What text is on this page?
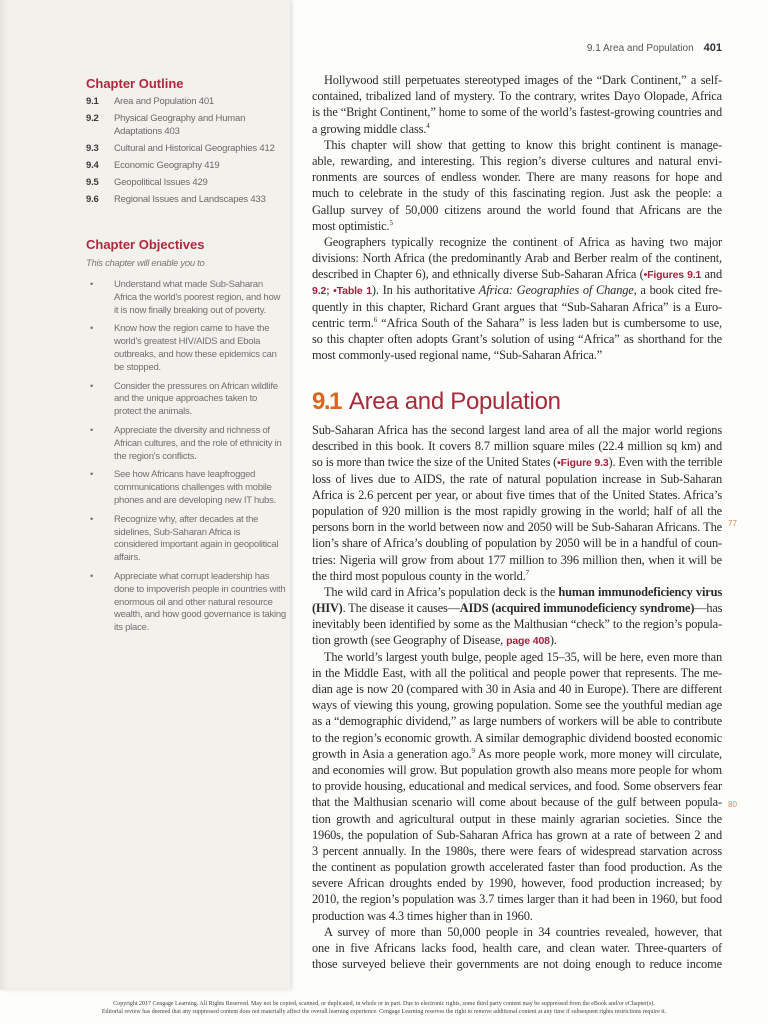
Chapter Outline
9.1	Area and Population 401
9.2	Physical Geography and Human Adaptations 403
9.3	Cultural and Historical Geographies 412
9.4	Economic Geography 419
9.5	Geopolitical Issues 429
9.6	Regional Issues and Landscapes 433
Chapter Objectives
This chapter will enable you to
•	Understand what made Sub-Saharan Africa the world's poorest region, and how it is now finally breaking out of poverty.
•	Know how the region came to have the world's greatest HIV/AIDS and Ebola outbreaks, and how these epidemics can be stopped.
•	Consider the pressures on African wildlife and the unique approaches taken to protect the animals.
•	Appreciate the diversity and richness of African cultures, and the role of ethnicity in the region's conflicts.
•	See how Africans have leapfrogged communications challenges with mobile phones and are developing new IT hubs.
•	Recognize why, after decades at the sidelines, Sub-Saharan Africa is considered important again in geopolitical affairs.
•	Appreciate what corrupt leadership has done to impoverish people in countries with enormous oil and other natural resource wealth, and how good governance is taking its place.
9.1 Area and Population 401
Hollywood still perpetuates stereotyped images of the “Dark Continent,” a self-
contained, tribalized land of mystery. To the contrary, writes Dayo Olopade, Africa
is the “Bright Continent,” home to some of the world’s fastest-growing countries and
a growing middle class.$^4$
This chapter will show that getting to know this bright continent is manage-
able, rewarding, and interesting. This region’s diverse cultures and natural envi-
ronments are sources of endless wonder. There are many reasons for hope and
much to celebrate in the study of this fascinating region. Just ask the people: a
Gallup survey of 50,000 citizens around the world found that Africans are the
most optimistic.$^5$
Geographers typically recognize the continent of Africa as having two major
divisions: North Africa (the predominantly Arab and Berber realm of the continent,
described in Chapter 6), and ethnically diverse Sub-Saharan Africa (•Figures 9.1 and
9.2; •Table 1). In his authoritative Africa: Geographies of Change, a book cited fre-
quently in this chapter, Richard Grant argues that “Sub-Saharan Africa” is a Euro-
centric term.$^6$ “Africa South of the Sahara” is less laden but is cumbersome to use,
so this chapter often adopts Grant’s solution of using “Africa” as shorthand for the
most commonly-used regional name, “Sub-Saharan Africa.”
9.1 Area and Population
Sub-Saharan Africa has the second largest land area of all the major world regions
described in this book. It covers 8.7 million square miles (22.4 million sq km) and
so is more than twice the size of the United States (•Figure 9.3). Even with the terrible
loss of lives due to AIDS, the rate of natural population increase in Sub-Saharan
Africa is 2.6 percent per year, or about five times that of the United States. Africa’s
population of 920 million is the most rapidly growing in the world; half of all the
persons born in the world between now and 2050 will be Sub-Saharan Africans. The
lion’s share of Africa’s doubling of population by 2050 will be in a handful of coun-
tries: Nigeria will grow from about 177 million to 396 million then, when it will be
the third most populous county in the world.$^7$
The wild card in Africa’s population deck is the human immunodeficiency virus
(HIV). The disease it causes—AIDS (acquired immunodeficiency syndrome)—has
inevitably been identified by some as the Malthusian “check” to the region’s popula-
tion growth (see Geography of Disease, page 408).
The world’s largest youth bulge, people aged 15–35, will be here, even more than
in the Middle East, with all the political and people power that represents. The me-
dian age is now 20 (compared with 30 in Asia and 40 in Europe). There are different
ways of viewing this young, growing population. Some see the youthful median age
as a “demographic dividend,” as large numbers of workers will be able to contribute
to the region’s economic growth. A similar demographic dividend boosted economic
growth in Asia a generation ago.$^9$ As more people work, more money will circulate,
and economies will grow. But population growth also means more people for whom
to provide housing, educational and medical services, and food. Some observers fear
that the Malthusian scenario will come about because of the gulf between popula-
tion growth and agricultural output in these mainly agrarian societies. Since the
1960s, the population of Sub-Saharan Africa has grown at a rate of between 2 and
3 percent annually. In the 1980s, there were fears of widespread starvation across
the continent as population growth accelerated faster than food production. As the
severe African droughts ended by 1990, however, food production increased; by
2010, the region’s population was 3.7 times larger than it had been in 1960, but food
production was 4.3 times higher than in 1960.
A survey of more than 50,000 people in 34 countries revealed, however, that
one in five Africans lacks food, health care, and clean water. Three-quarters of
those surveyed believe their governments are not doing enough to reduce income
77
80
Copyright 2017 Cengage Learning. All Rights Reserved. May not be copied, scanned, or duplicated, in whole or in part. Due to electronic rights, some third party content may be suppressed from the eBook and/or eChapter(s).
Editorial review has deemed that any suppressed content does not materially affect the overall learning experience. Cengage Learning reserves the right to remove additional content at any time if subsequent rights restrictions require it.
